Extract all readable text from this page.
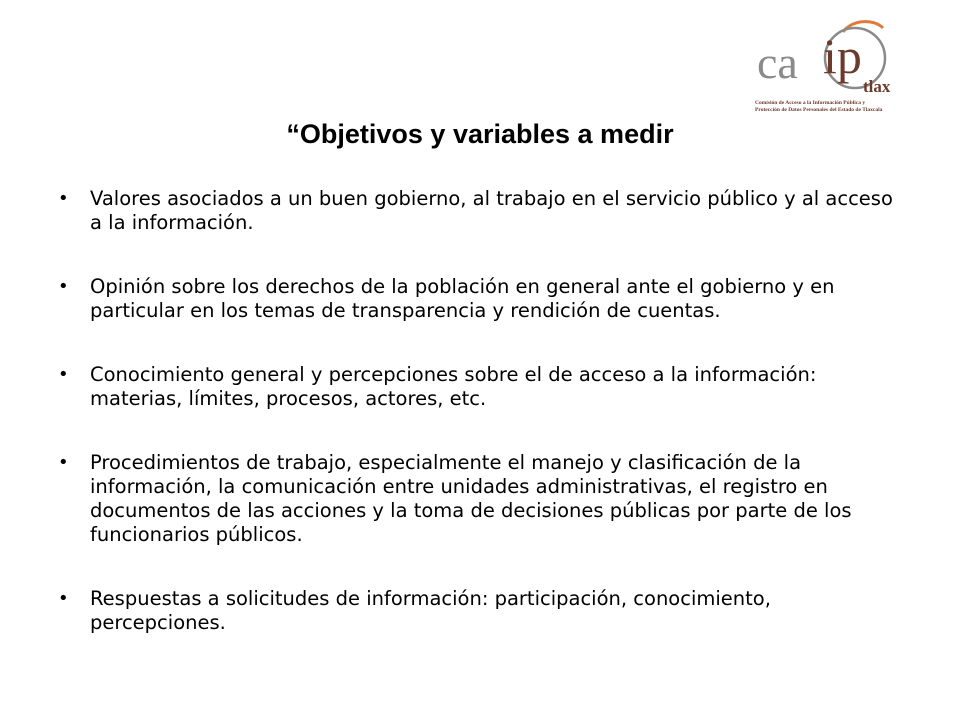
ca ip
tlax
Comisión de Acceso a la Información Pública y
Protección de Datos Personales del Estado de Tlaxcala
“Objetivos y variables a medir
• Valores asociados a un buen gobierno, al trabajo en el servicio público y al acceso a la información.
• Opinión sobre los derechos de la población en general ante el gobierno y en particular en los temas de transparencia y rendición de cuentas.
• Conocimiento general y percepciones sobre el de acceso a la información: materias, límites, procesos, actores, etc.
• Procedimientos de trabajo, especialmente el manejo y clasificación de la información, la comunicación entre unidades administrativas, el registro en documentos de las acciones y la toma de decisiones públicas por parte de los funcionarios públicos.
• Respuestas a solicitudes de información: participación, conocimiento, percepciones.
